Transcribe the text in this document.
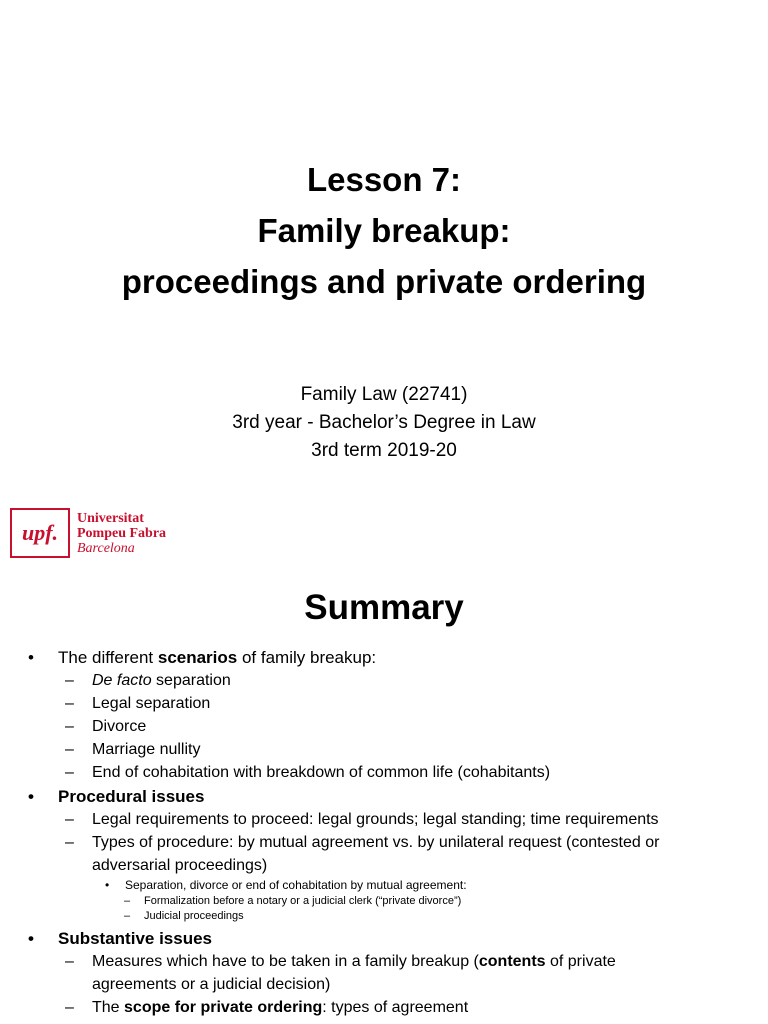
Lesson 7:
Family breakup:
proceedings and private ordering
Family Law (22741)
3rd year - Bachelor’s Degree in Law
3rd term 2019-20
upf.
Universitat
Pompeu Fabra
Barcelona
Summary
• The different scenarios of family breakup:
– De facto separation
– Legal separation
– Divorce
– Marriage nullity
– End of cohabitation with breakdown of common life (cohabitants)
• Procedural issues
– Legal requirements to proceed: legal grounds; legal standing; time requirements
– Types of procedure: by mutual agreement vs. by unilateral request (contested or
adversarial proceedings)
• Separation, divorce or end of cohabitation by mutual agreement:
– Formalization before a notary or a judicial clerk (“private divorce”)
– Judicial proceedings
• Substantive issues
– Measures which have to be taken in a family breakup (contents of private
agreements or a judicial decision)
– The scope for private ordering: types of agreement
